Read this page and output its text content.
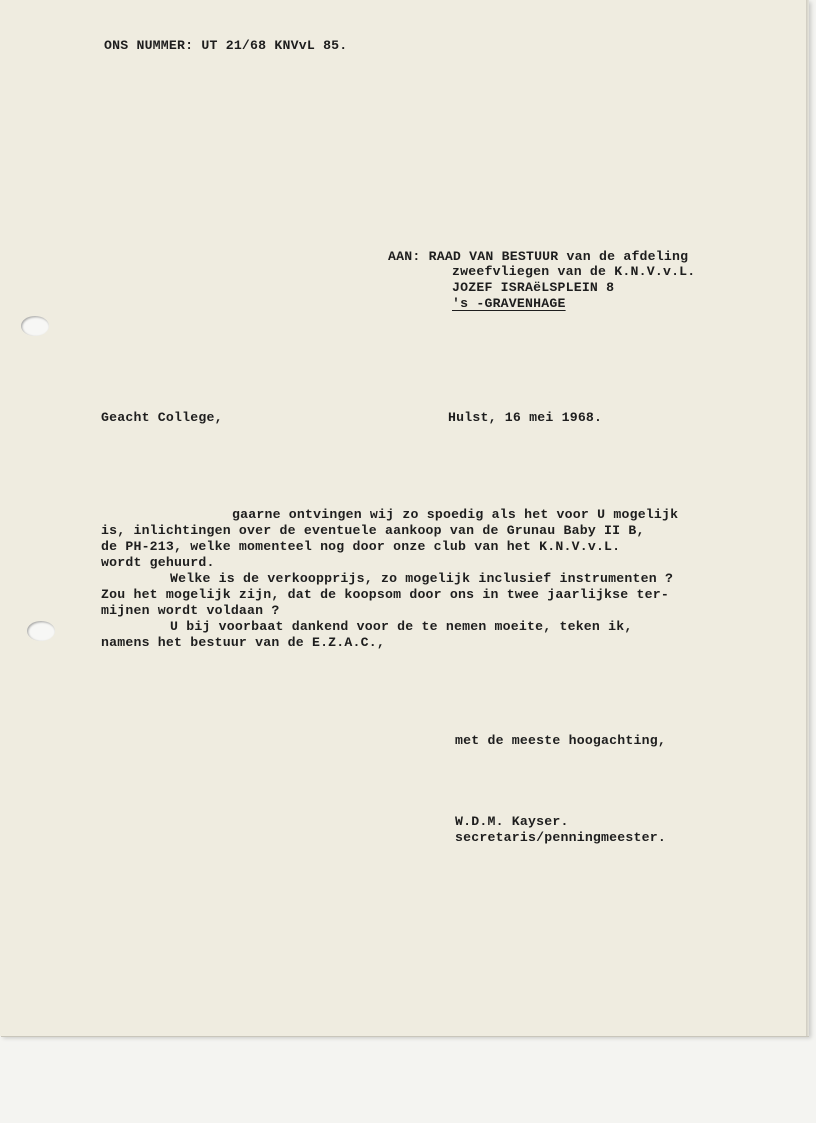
ONS NUMMER: UT 21/68 KNVvL 85.

AAN: RAAD VAN BESTUUR van de afdeling

zweefvliegen van de K.N.V.v.L.

JOZEF ISRAëLSPLEIN 8

's -GRAVENHAGE

Geacht College,	Hulst, 16 mei 1968.

gaarne ontvingen wij zo spoedig als het voor U mogelijk

is, inlichtingen over de eventuele aankoop van de Grunau Baby II B,

de PH-213, welke momenteel nog door onze club van het K.N.V.v.L.

wordt gehuurd.

Welke is de verkoopprijs, zo mogelijk inclusief instrumenten ?

Zou het mogelijk zijn, dat de koopsom door ons in twee jaarlijkse ter-

mijnen wordt voldaan ?

U bij voorbaat dankend voor de te nemen moeite, teken ik,

namens het bestuur van de E.Z.A.C.,

met de meeste hoogachting,

W.D.M. Kayser.

secretaris/penningmeester.
